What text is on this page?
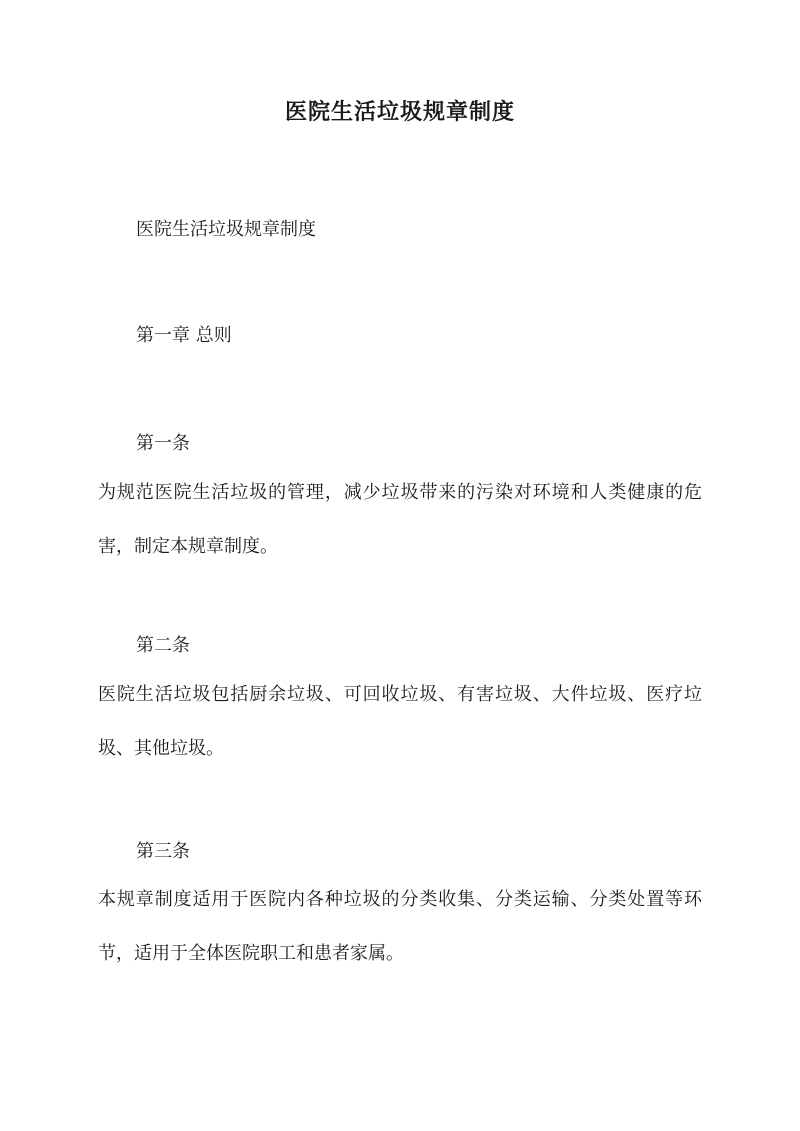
医院生活垃圾规章制度

医院生活垃圾规章制度

第一章 总则

第一条

为规范医院生活垃圾的管理，减少垃圾带来的污染对环境和人类健康的危害，制定本规章制度。

第二条

医院生活垃圾包括厨余垃圾、可回收垃圾、有害垃圾、大件垃圾、医疗垃圾、其他垃圾。

第三条

本规章制度适用于医院内各种垃圾的分类收集、分类运输、分类处置等环节，适用于全体医院职工和患者家属。
